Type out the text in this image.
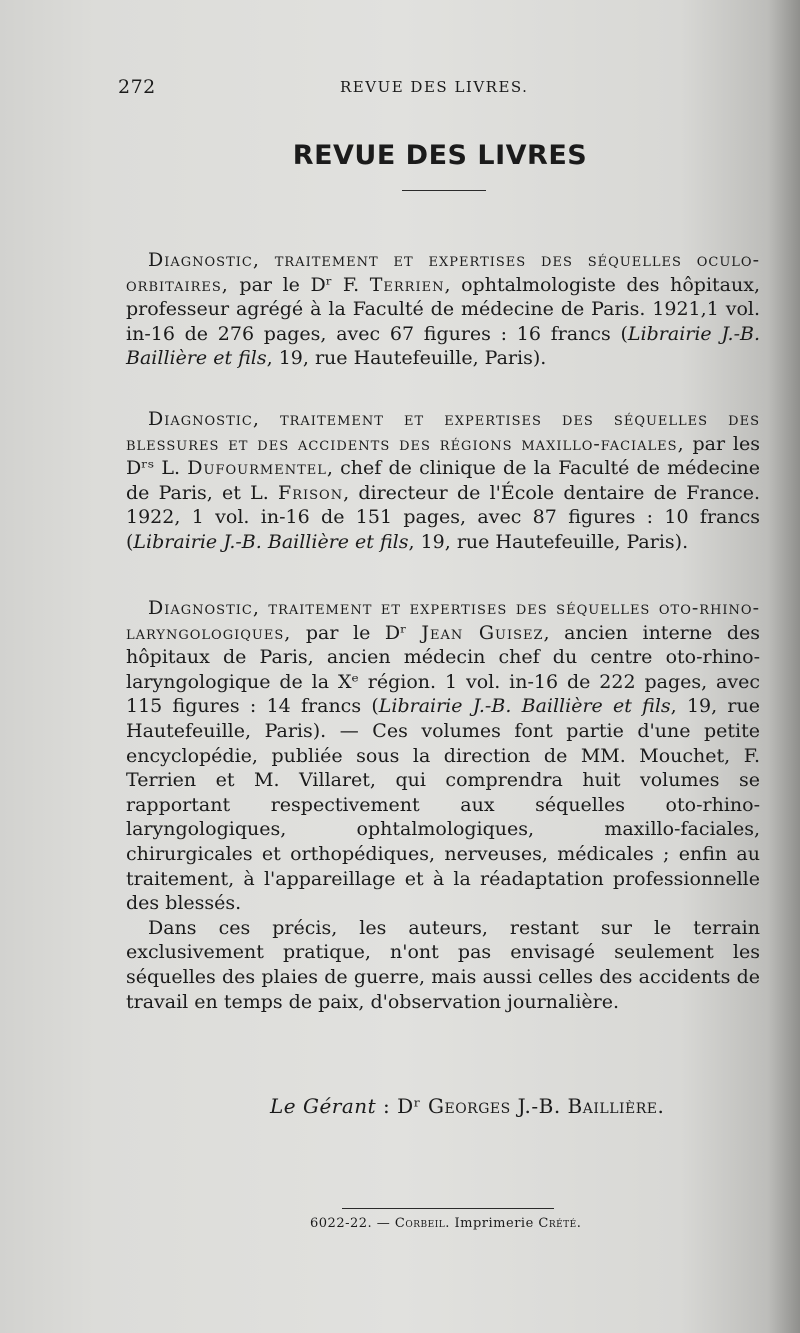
272	REVUE DES LIVRES.
REVUE DES LIVRES

Diagnostic, traitement et expertises des séquelles oculo-orbitaires, par le Dʳ F. Terrien, ophtalmologiste des hôpitaux, professeur agrégé à la Faculté de médecine de Paris. 1921,1 vol. in-16 de 276 pages, avec 67 figures : 16 francs (Librairie J.-B. Baillière et fils, 19, rue Hautefeuille, Paris).

Diagnostic, traitement et expertises des séquelles des blessures et des accidents des régions maxillo-faciales, par les Dʳˢ L. Dufourmentel, chef de clinique de la Faculté de médecine de Paris, et L. Frison, directeur de l'École dentaire de France. 1922, 1 vol. in-16 de 151 pages, avec 87 figures : 10 francs (Librairie J.-B. Baillière et fils, 19, rue Hautefeuille, Paris).

Diagnostic, traitement et expertises des séquelles oto-rhino-laryngologiques, par le Dʳ Jean Guisez, ancien interne des hôpitaux de Paris, ancien médecin chef du centre oto-rhino-laryngologique de la Xᵉ région. 1 vol. in-16 de 222 pages, avec 115 figures : 14 francs (Librairie J.-B. Baillière et fils, 19, rue Hautefeuille, Paris). — Ces volumes font partie d'une petite encyclopédie, publiée sous la direction de MM. Mouchet, F. Terrien et M. Villaret, qui comprendra huit volumes se rapportant respectivement aux séquelles oto-rhino-laryngologiques, ophtalmologiques, maxillo-faciales, chirurgicales et orthopédiques, nerveuses, médicales ; enfin au traitement, à l'appareillage et à la réadaptation professionnelle des blessés.

Dans ces précis, les auteurs, restant sur le terrain exclusivement pratique, n'ont pas envisagé seulement les séquelles des plaies de guerre, mais aussi celles des accidents de travail en temps de paix, d'observation journalière.

Le Gérant : Dʳ Georges J.-B. Baillière.
6022-22. — Corbeil. Imprimerie Crété.
